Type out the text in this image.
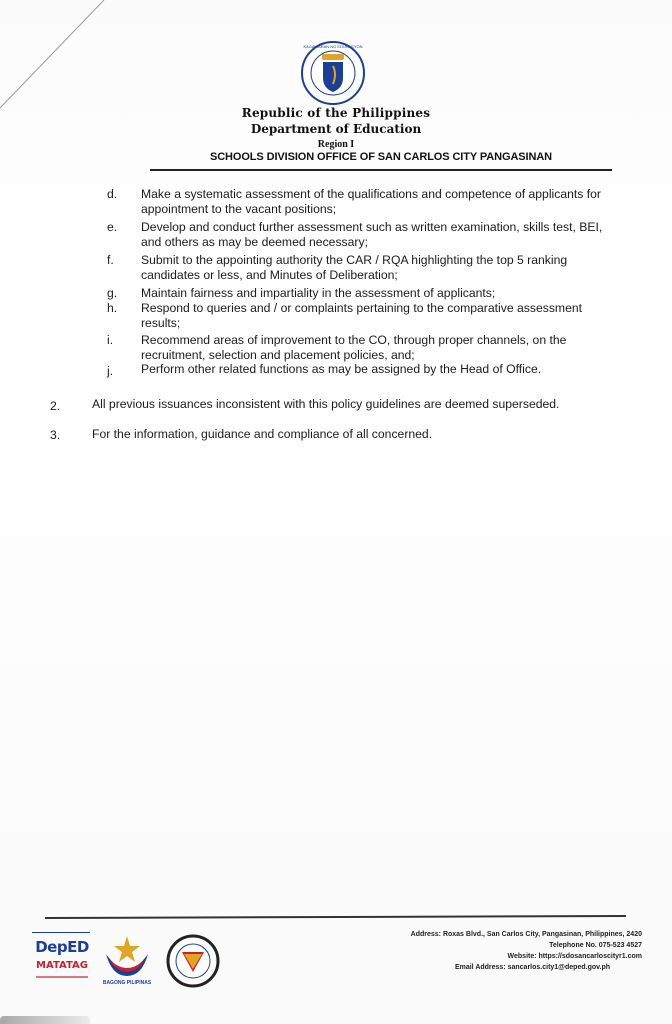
KAGAWARAN NG EDUKASYON
Republic of the Philippines
Department of Education
Region I
SCHOOLS DIVISION OFFICE OF SAN CARLOS CITY PANGASINAN
d. Make a systematic assessment of the qualifications and competence of applicants for appointment to the vacant positions;
e. Develop and conduct further assessment such as written examination, skills test, BEI, and others as may be deemed necessary;
f. Submit to the appointing authority the CAR / RQA highlighting the top 5 ranking candidates or less, and Minutes of Deliberation;
g. Maintain fairness and impartiality in the assessment of applicants;
h. Respond to queries and / or complaints pertaining to the comparative assessment results;
i. Recommend areas of improvement to the CO, through proper channels, on the recruitment, selection and placement policies, and;
j. Perform other related functions as may be assigned by the Head of Office.
2.	All previous issuances inconsistent with this policy guidelines are deemed superseded.
3.	For the information, guidance and compliance of all concerned.
DepED
MATATAG
BAGONG PILIPINAS
Address: Roxas Blvd., San Carlos City, Pangasinan, Philippines, 2420
Telephone No. 075-523 4527
Website: https://sdosancarloscityr1.com
Email Address: sancarlos.city1@deped.gov.ph
